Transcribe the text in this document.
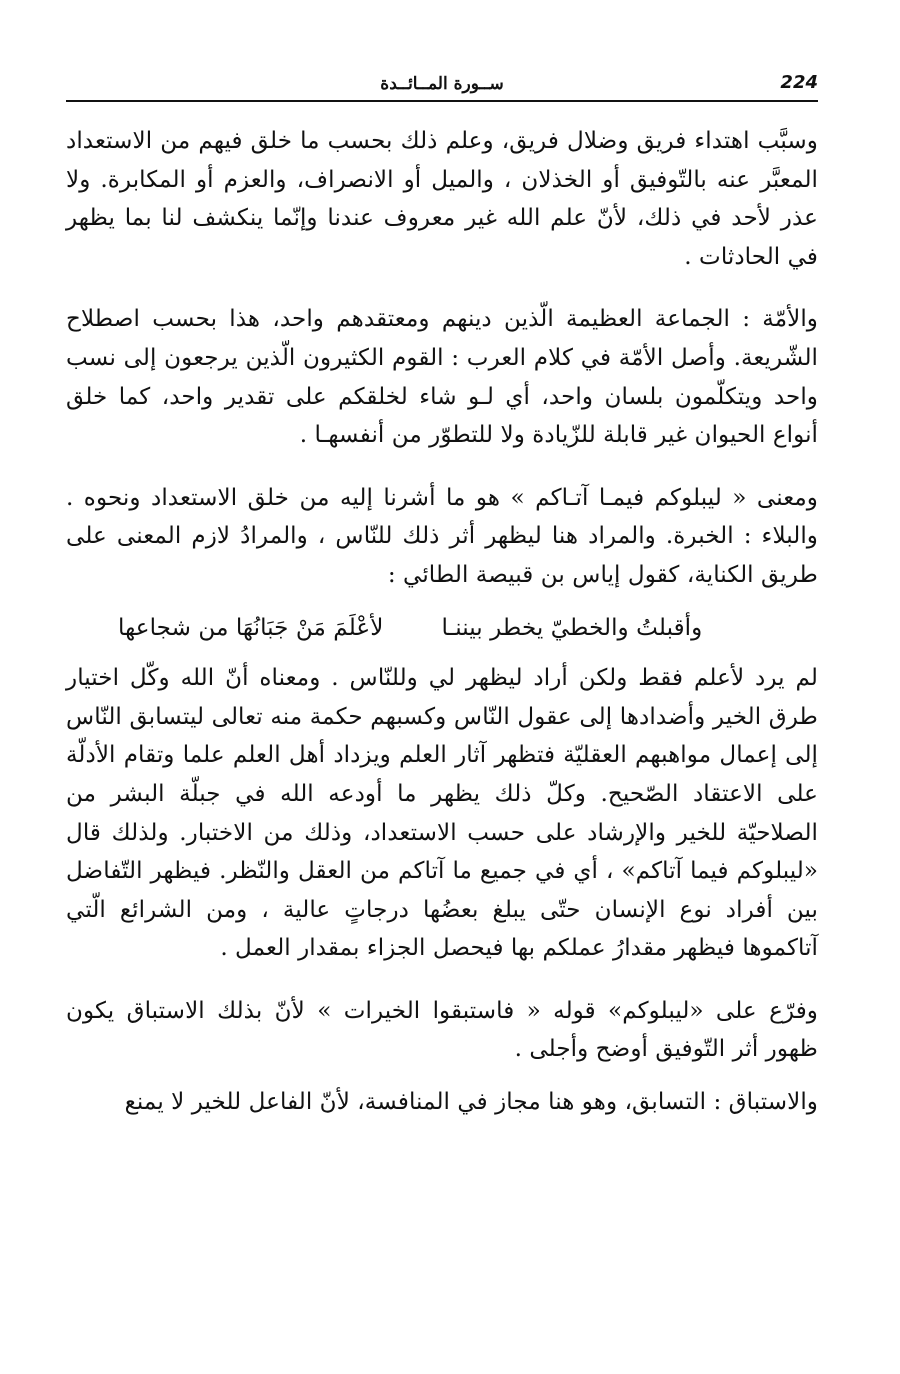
224
ســورة المــائــدة

وسبَّب اهتداء فريق وضلال فريق، وعلم ذلك بحسب ما خلق فيهم من الاستعداد المعبَّر عنه بالتّوفيق أو الخذلان ، والميل أو الانصراف، والعزم أو المكابرة. ولا عذر لأحد في ذلك، لأنّ علم الله غير معروف عندنا وإنّما ينكشف لنا بما يظهر في الحادثات .

والأمّة : الجماعة العظيمة الّذين دينهم ومعتقدهم واحد، هذا بحسب اصطلاح الشّريعة. وأصل الأمّة في كلام العرب : القوم الكثيرون الّذين يرجعون إلى نسب واحد ويتكلّمون بلسان واحد، أي لـو شاء لخلقكم على تقدير واحد، كما خلق أنواع الحيوان غير قابلة للزّيادة ولا للتطوّر من أنفسهـا .

ومعنى « ليبلوكم فيمـا آتـاكم » هو ما أشرنا إليه من خلق الاستعداد ونحوه . والبلاء : الخبرة. والمراد هنا ليظهر أثر ذلك للنّاس ، والمرادُ لازم المعنى على طريق الكناية، كقول إياس بن قبيصة الطائي :

وأقبلتُ والخطيّ يخطر بيننـا
لأعْلَمَ مَنْ جَبَانُهَا من شجاعها

لم يرد لأعلم فقط ولكن أراد ليظهر لي وللنّاس . ومعناه أنّ الله وكّل اختيار طرق الخير وأضدادها إلى عقول النّاس وكسبهم حكمة منه تعالى ليتسابق النّاس إلى إعمال مواهبهم العقليّة فتظهر آثار العلم ويزداد أهل العلم علما وتقام الأدلّة على الاعتقاد الصّحيح. وكلّ ذلك يظهر ما أودعه الله في جبلّة البشر من الصلاحيّة للخير والإرشاد على حسب الاستعداد، وذلك من الاختبار. ولذلك قال «ليبلوكم فيما آتاكم» ، أي في جميع ما آتاكم من العقل والنّظر. فيظهر التّفاضل بين أفراد نوع الإنسان حتّى يبلغ بعضُها درجاتٍ عالية ، ومن الشرائع الّتي آتاكموها فيظهر مقدارُ عملكم بها فيحصل الجزاء بمقدار العمل .

وفرّع على «ليبلوكم» قوله « فاستبقوا الخيرات » لأنّ بذلك الاستباق يكون ظهور أثر التّوفيق أوضح وأجلى .

والاستباق : التسابق، وهو هنا مجاز في المنافسة، لأنّ الفاعل للخير لا يمنع
